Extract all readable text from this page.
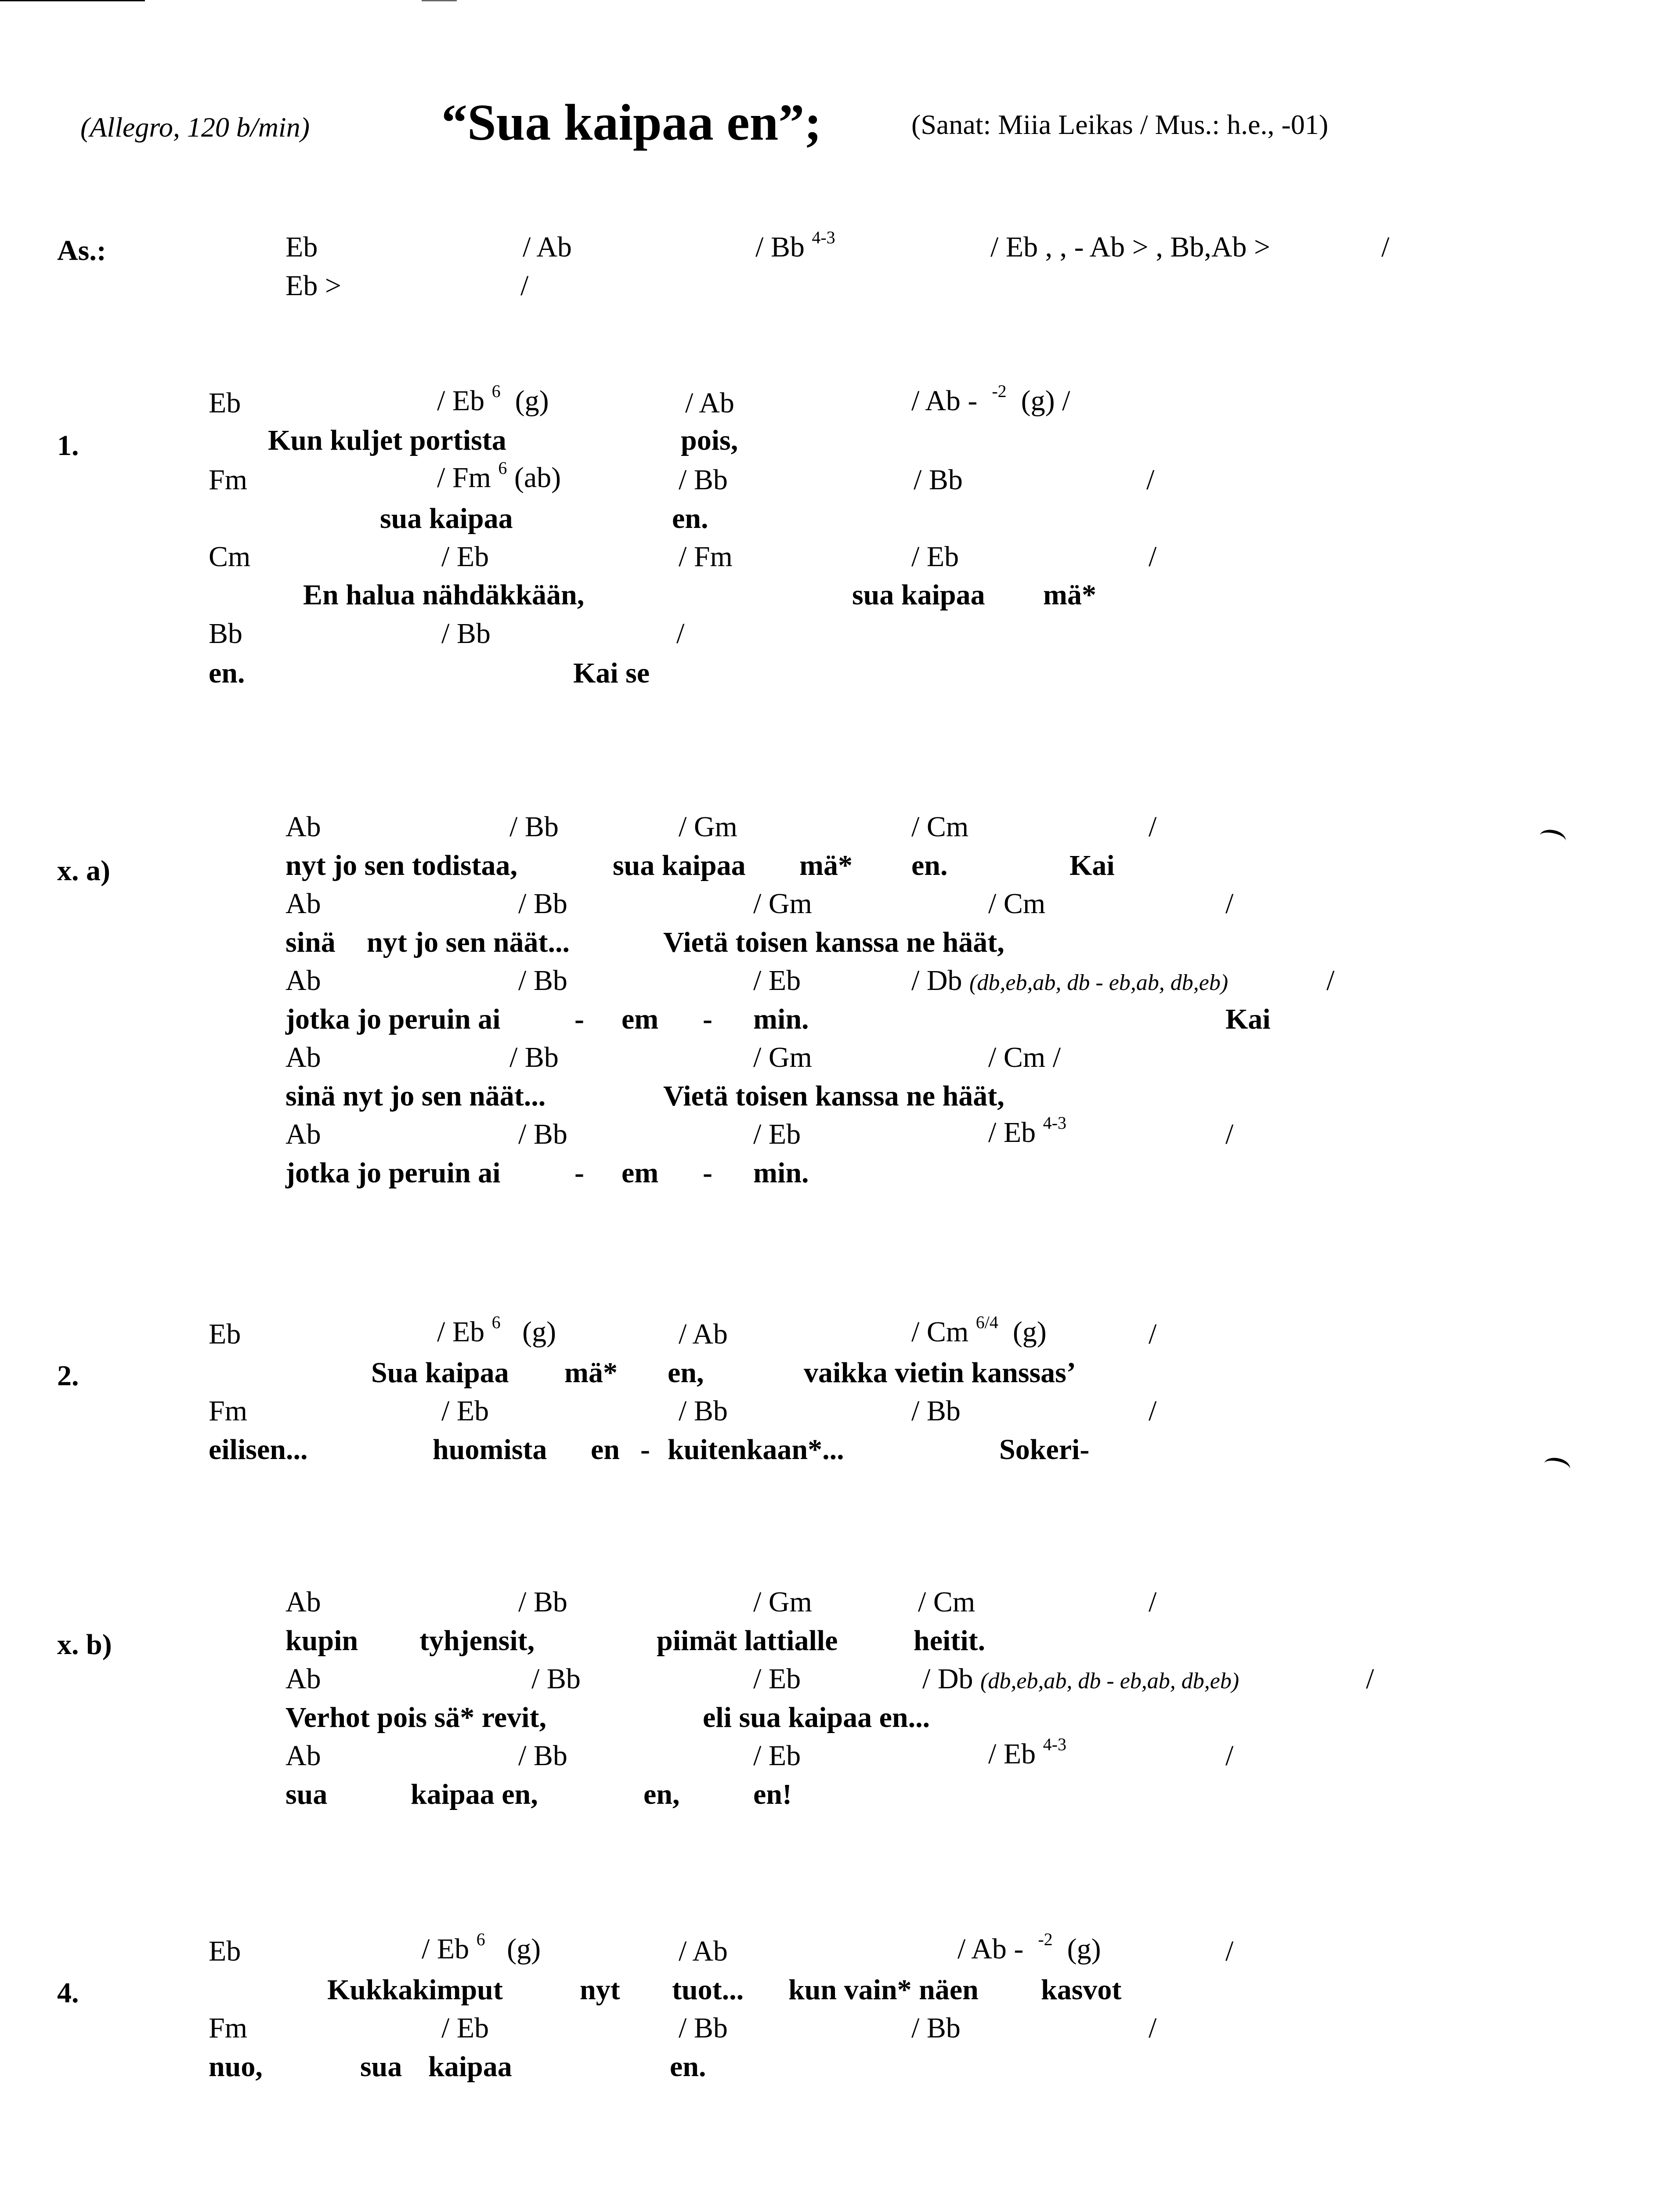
(Allegro, 120 b/min)	“Sua kaipaa en”;	(Sanat: Miia Leikas / Mus.: h.e., -01)
As.:	Eb	/ Ab	/ Bb $^{4-3}$	/ Eb , , - Ab > , Bb,Ab >	/
Eb >	/
1.
Eb	/ Eb $^6$ (g)	/ Ab	/ Ab - $^{-2}$ (g) /
Kun kuljet portista	pois,
Fm	/ Fm $^6$ (ab)	/ Bb	/ Bb	/
sua kaipaa	en.
Cm	/ Eb	/ Fm	/ Eb	/
En halua nähdäkkään,	sua kaipaa mä*
Bb	/ Bb	/
en.	Kai se
x. a)
Ab	/ Bb	/ Gm	/ Cm	/
nyt jo sen todistaa,	sua kaipaa mä* en.	Kai
Ab	/ Bb	/ Gm	/ Cm	/
sinä nyt jo sen näät...	Vietä toisen kanssa ne häät,
Ab	/ Bb	/ Eb	/ Db (db,eb,ab, db - eb,ab, db,eb)	/
jotka jo peruin ai	- em - min.	Kai
Ab	/ Bb	/ Gm	/ Cm /
sinä nyt jo sen näät...	Vietä toisen kanssa ne häät,
Ab	/ Bb	/ Eb	/ Eb $^{4-3}$	/
jotka jo peruin ai	- em - min.
2.
Eb	/ Eb $^6$ (g)	/ Ab	/ Cm $^{6/4}$ (g)	/
Sua kaipaa mä* en,	vaikka vietin kanssas’
Fm	/ Eb	/ Bb	/ Bb	/
eilisen...	huomista en - kuitenkaan*...	Sokeri-
x. b)
Ab	/ Bb	/ Gm	/ Cm	/
kupin tyhjensit,	piimät lattialle	heitit.
Ab	/ Bb	/ Eb	/ Db (db,eb,ab, db - eb,ab, db,eb)	/
Verhot pois sä* revit,	eli sua kaipaa en...
Ab	/ Bb	/ Eb	/ Eb $^{4-3}$	/
sua	kaipaa en,	en,	en!
4.
Eb	/ Eb $^6$ (g)	/ Ab	/ Ab - $^{-2}$ (g)	/
Kukkakimput	nyt tuot... kun vain* näen kasvot
Fm	/ Eb	/ Bb	/ Bb	/
nuo,	sua kaipaa	en.
